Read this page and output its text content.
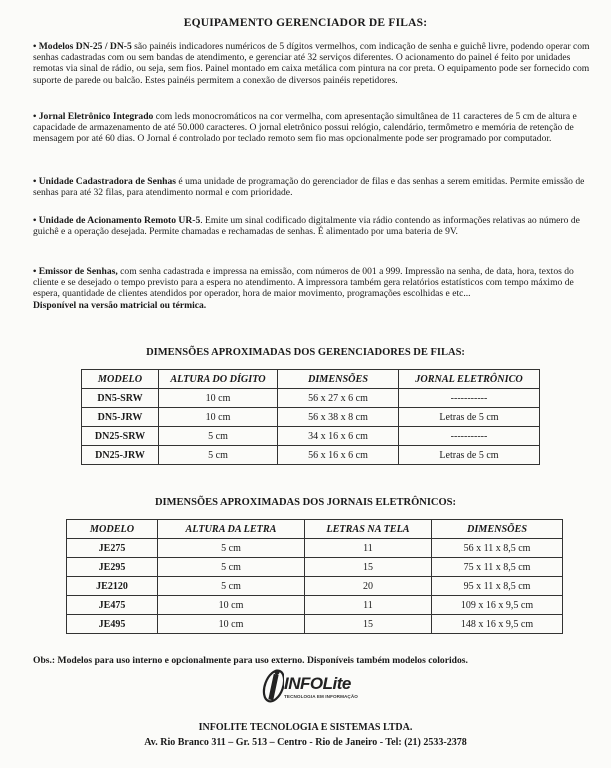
EQUIPAMENTO GERENCIADOR DE FILAS:
• Modelos DN-25 / DN-5 são painéis indicadores numéricos de 5 dígitos vermelhos, com indicação de senha e guichê livre, podendo operar com senhas cadastradas com ou sem bandas de atendimento, e gerenciar até 32 serviços diferentes. O acionamento do painel é feito por unidades remotas via sinal de rádio, ou seja, sem fios. Painel montado em caixa metálica com pintura na cor preta. O equipamento pode ser fornecido com suporte de parede ou balcão. Estes painéis permitem a conexão de diversos painéis repetidores.
• Jornal Eletrônico Integrado com leds monocromáticos na cor vermelha, com apresentação simultânea de 11 caracteres de 5 cm de altura e capacidade de armazenamento de até 50.000 caracteres. O jornal eletrônico possui relógio, calendário, termômetro e memória de retenção de mensagem por até 60 dias. O Jornal é controlado por teclado remoto sem fio mas opcionalmente pode ser programado por computador.
• Unidade Cadastradora de Senhas é uma unidade de programação do gerenciador de filas e das senhas a serem emitidas. Permite emissão de senhas para até 32 filas, para atendimento normal e com prioridade.
• Unidade de Acionamento Remoto UR-5. Emite um sinal codificado digitalmente via rádio contendo as informações relativas ao número de guichê e a operação desejada. Permite chamadas e rechamadas de senhas. É alimentado por uma bateria de 9V.
• Emissor de Senhas, com senha cadastrada e impressa na emissão, com números de 001 a 999. Impressão na senha, de data, hora, textos do cliente e se desejado o tempo previsto para a espera no atendimento. A impressora também gera relatórios estatísticos com tempo máximo de espera, quantidade de clientes atendidos por operador, hora de maior movimento, programações escolhidas e etc...
Disponível na versão matricial ou térmica.
DIMENSÕES APROXIMADAS DOS GERENCIADORES DE FILAS:
MODELO	ALTURA DO DÍGITO	DIMENSÕES	JORNAL ELETRÔNICO
DN5-SRW	10 cm	56 x 27 x 6 cm	-----------
DN5-JRW	10 cm	56 x 38 x 8 cm	Letras de 5 cm
DN25-SRW	5 cm	34 x 16 x 6 cm	-----------
DN25-JRW	5 cm	56 x 16 x 6 cm	Letras de 5 cm
DIMENSÕES APROXIMADAS DOS JORNAIS ELETRÔNICOS:
MODELO	ALTURA DA LETRA	LETRAS NA TELA	DIMENSÕES
JE275	5 cm	11	56 x 11 x 8,5 cm
JE295	5 cm	15	75 x 11 x 8,5 cm
JE2120	5 cm	20	95 x 11 x 8,5 cm
JE475	10 cm	11	109 x 16 x 9,5 cm
JE495	10 cm	15	148 x 16 x 9,5 cm
Obs.: Modelos para uso interno e opcionalmente para uso externo. Disponíveis também modelos coloridos.
INFOLite
TECNOLOGIA EM INFORMAÇÃO
INFOLITE TECNOLOGIA E SISTEMAS LTDA.
Av. Rio Branco 311 – Gr. 513 – Centro - Rio de Janeiro - Tel: (21) 2533-2378
